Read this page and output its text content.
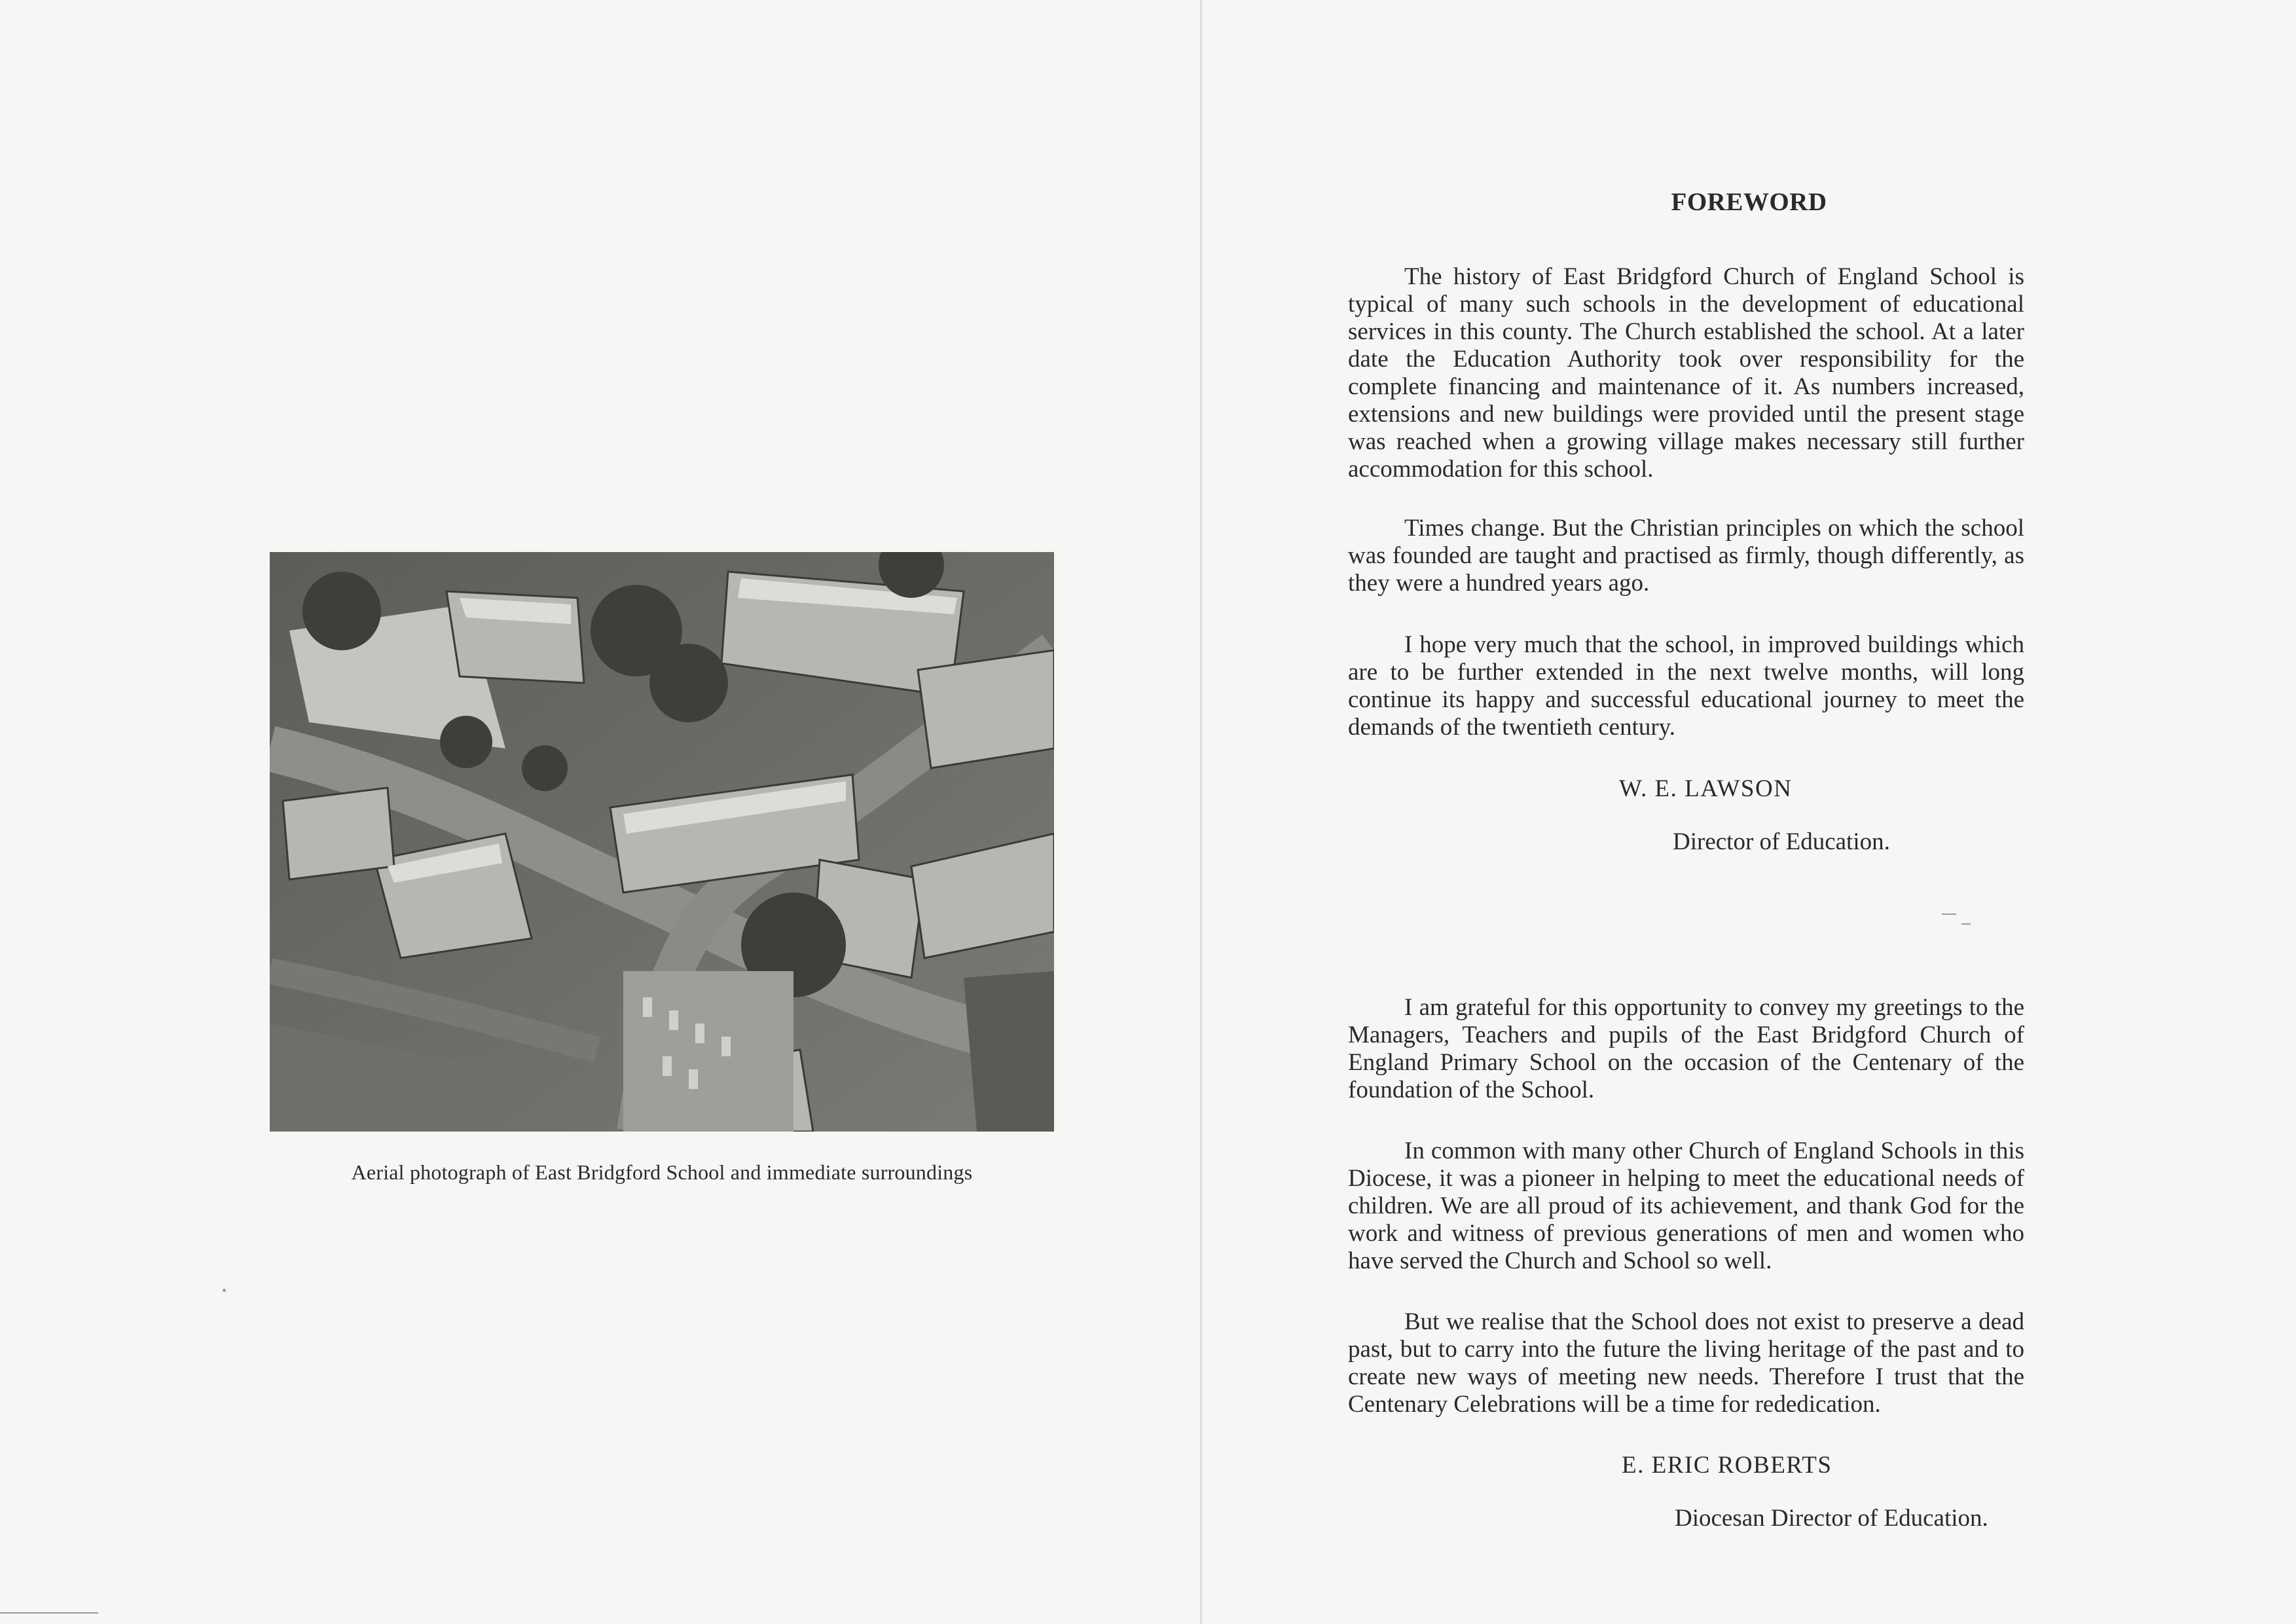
Aerial photograph of East Bridgford School and immediate surroundings
FOREWORD

The history of East Bridgford Church of England School is typical of many such schools in the development of educational services in this county. The Church established the school. At a later date the Education Authority took over responsibility for the complete financing and maintenance of it. As numbers increased, extensions and new buildings were provided until the present stage was reached when a growing village makes necessary still further accommodation for this school.

Times change. But the Christian principles on which the school was founded are taught and practised as firmly, though differently, as they were a hundred years ago.

I hope very much that the school, in improved buildings which are to be further extended in the next twelve months, will long continue its happy and successful educational journey to meet the demands of the twentieth century.

W. E. LAWSON
Director of Education.

I am grateful for this opportunity to convey my greetings to the Managers, Teachers and pupils of the East Bridgford Church of England Primary School on the occasion of the Centenary of the foundation of the School.

In common with many other Church of England Schools in this Diocese, it was a pioneer in helping to meet the educational needs of children. We are all proud of its achievement, and thank God for the work and witness of previous generations of men and women who have served the Church and School so well.

But we realise that the School does not exist to preserve a dead past, but to carry into the future the living heritage of the past and to create new ways of meeting new needs. Therefore I trust that the Centenary Celebrations will be a time for rededication.

E. ERIC ROBERTS
Diocesan Director of Education.
